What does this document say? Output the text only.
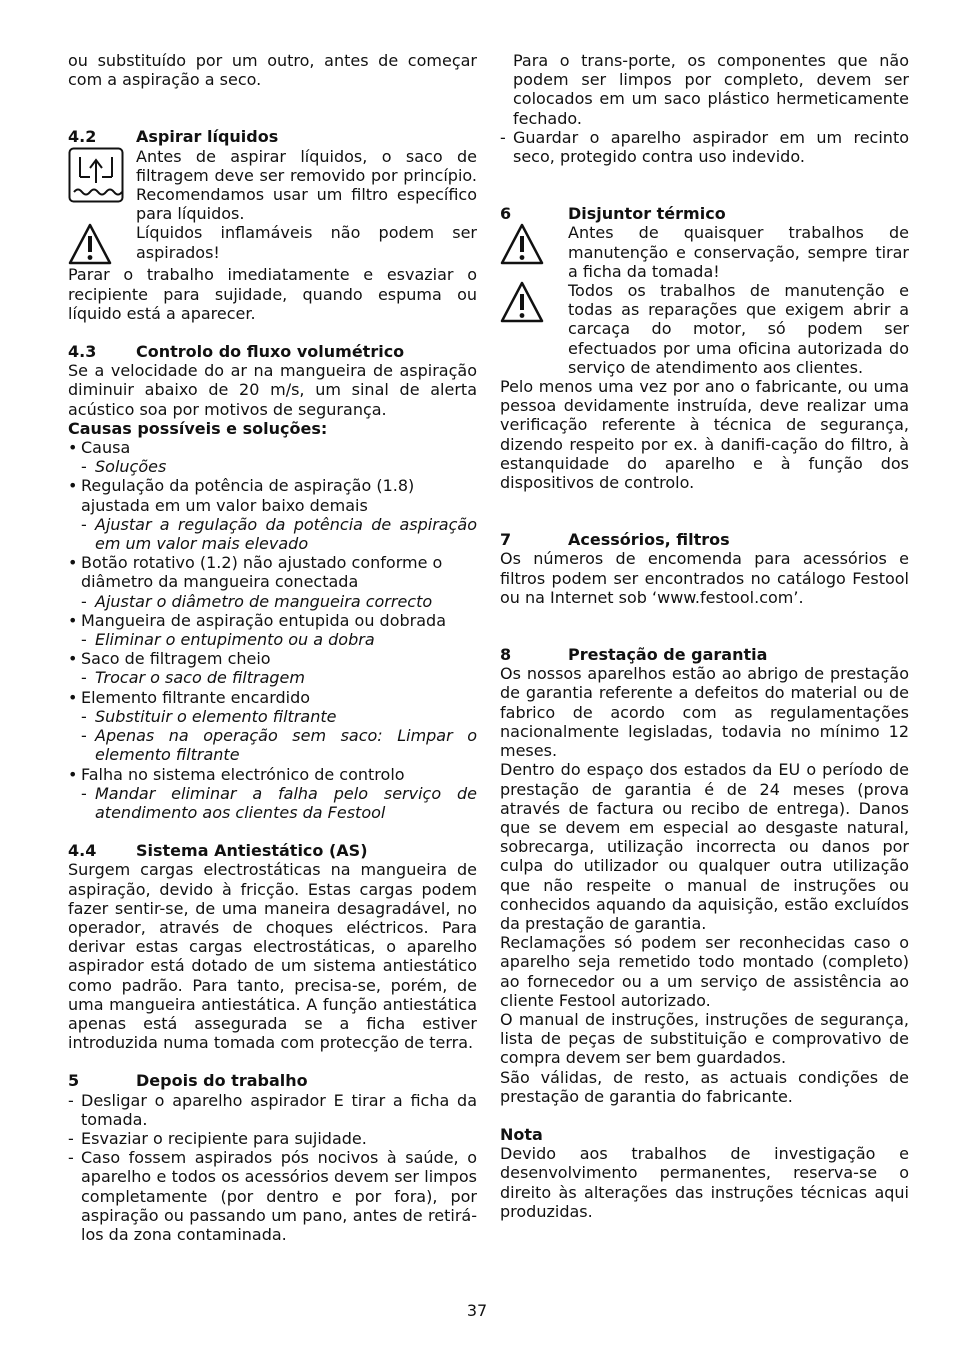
ou substituído por um outro, antes de começar com a aspiração a seco.

4.2	Aspirar líquidos

Antes de aspirar líquidos, o saco de filtragem deve ser removido por princípio. Recomendamos usar um filtro específico para líquidos.

Líquidos inflamáveis não podem ser aspirados!

Parar o trabalho imediatamente e esvaziar o recipiente para sujidade, quando espuma ou líquido está a aparecer.

4.3	Controlo do fluxo volumétrico

Se a velocidade do ar na mangueira de aspiração diminuir abaixo de 20 m/s, um sinal de alerta acústico soa por motivos de segurança.

Causas possíveis e soluções:
• Causa
- Soluções
• Regulação da potência de aspiração (1.8) ajustada em um valor baixo demais
- Ajustar a regulação da potência de aspiração em um valor mais elevado
• Botão rotativo (1.2) não ajustado conforme o diâmetro da mangueira conectada
- Ajustar o diâmetro de mangueira correcto
• Mangueira de aspiração entupida ou dobrada
- Eliminar o entupimento ou a dobra
• Saco de filtragem cheio
- Trocar o saco de filtragem
• Elemento filtrante encardido
- Substituir o elemento filtrante
- Apenas na operação sem saco: Limpar o elemento filtrante
• Falha no sistema electrónico de controlo
- Mandar eliminar a falha pelo serviço de atendimento aos clientes da Festool
4.4	Sistema Antiestático (AS)

Surgem cargas electrostáticas na mangueira de aspiração, devido à fricção. Estas cargas podem fazer sentir-se, de uma maneira desagradável, no operador, através de choques eléctricos. Para derivar estas cargas electrostáticas, o aparelho aspirador está dotado de um sistema antiestático como padrão. Para tanto, precisa-se, porém, de uma mangueira antiestática. A função antiestática apenas está assegurada se a ficha estiver introduzida numa tomada com protecção de terra.

5	Depois do trabalho
- Desligar o aparelho aspirador E tirar a ficha da tomada.
- Esvaziar o recipiente para sujidade.
- Caso fossem aspirados pós nocivos à saúde, o aparelho e todos os acessórios devem ser limpos completamente (por dentro e por fora), por aspiração ou passando um pano, antes de retirá-los da zona contaminada.

Para o trans-porte, os componentes que não podem ser limpos por completo, devem ser colocados em um saco plástico hermeticamente fechado.

- Guardar o aparelho aspirador em um recinto seco, protegido contra uso indevido.
6	Disjuntor térmico

Antes de quaisquer trabalhos de manutenção e conservação, sempre tirar a ficha da tomada!

Todos os trabalhos de manutenção e todas as reparações que exigem abrir a carcaça do motor, só podem ser efectuados por uma oficina autorizada do serviço de atendimento aos clientes.

Pelo menos uma vez por ano o fabricante, ou uma pessoa devidamente instruída, deve realizar uma verificação referente à técnica de segurança, dizendo respeito por ex. à danifi-cação do filtro, à estanquidade do aparelho e à função dos dispositivos de controlo.

7	Acessórios, filtros

Os números de encomenda para acessórios e filtros podem ser encontrados no catálogo Festool ou na Internet sob ‘www.festool.com’.

8	Prestação de garantia

Os nossos aparelhos estão ao abrigo de prestação de garantia referente a defeitos do material ou de fabrico de acordo com as regulamentações nacionalmente legisladas, todavia no mínimo 12 meses.

Dentro do espaço dos estados da EU o período de prestação de garantia é de 24 meses (prova através de factura ou recibo de entrega). Danos que se devem em especial ao desgaste natural, sobrecarga, utilização incorrecta ou danos por culpa do utilizador ou qualquer outra utilização que não respeite o manual de instruções ou conhecidos aquando da aquisição, estão excluídos da prestação de garantia.

Reclamações só podem ser reconhecidas caso o aparelho seja remetido todo montado (completo) ao fornecedor ou a um serviço de assistência ao cliente Festool autorizado.

O manual de instruções, instruções de segurança, lista de peças de substituição e comprovativo de compra devem ser bem guardados.

São válidas, de resto, as actuais condições de prestação de garantia do fabricante.

Nota

Devido aos trabalhos de investigação e desenvolvimento permanentes, reserva-se o direito às alterações das instruções técnicas aqui produzidas.

37
